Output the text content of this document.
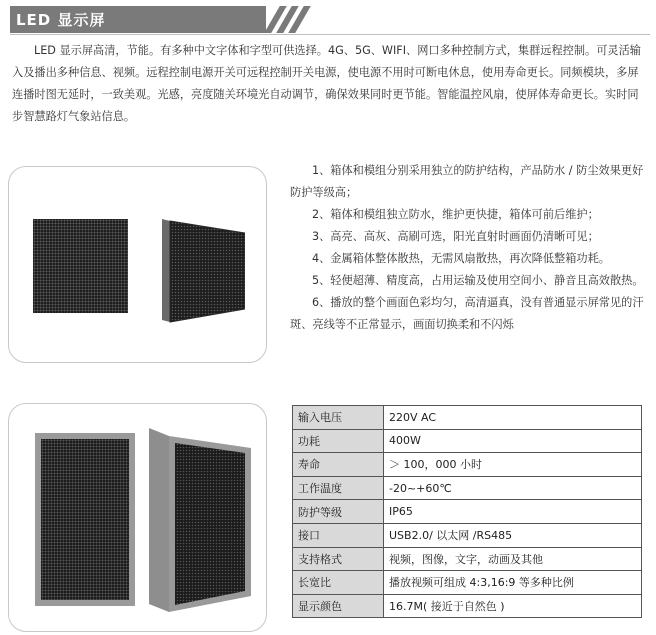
LED 显示屏

LED 显示屏高清，节能。有多种中文字体和字型可供选择。4G、5G、WIFI、网口多种控制方式，集群远程控制。可灵活输入及播出多种信息、视频。远程控制电源开关可远程控制开关电源，使电源不用时可断电休息，使用寿命更长。同频模块，多屏连播时图无延时，一致美观。光感，亮度随关环境光自动调节，确保效果同时更节能。智能温控风扇，使屏体寿命更长。实时同步智慧路灯气象站信息。

1、箱体和模组分别采用独立的防护结构，产品防水 / 防尘效果更好防护等级高；
2、箱体和模组独立防水，维护更快捷，箱体可前后维护；
3、高亮、高灰、高刷可选，阳光直射时画面仍清晰可见；
4、金属箱体整体散热，无需风扇散热，再次降低整箱功耗。
5、轻便超薄、精度高，占用运输及使用空间小、静音且高效散热。
6、播放的整个画面色彩均匀，高清逼真，没有普通显示屏常见的汗斑、亮线等不正常显示，画面切换柔和不闪烁
输入电压	220V AC
功耗	400W
寿命	＞ 100，000 小时
工作温度	-20~+60℃
防护等级	IP65
接口	USB2.0/ 以太网 /RS485
支持格式	视频，图像，文字，动画及其他
长宽比	播放视频可组成 4:3,16:9 等多种比例
显示颜色	16.7M( 接近于自然色 )
